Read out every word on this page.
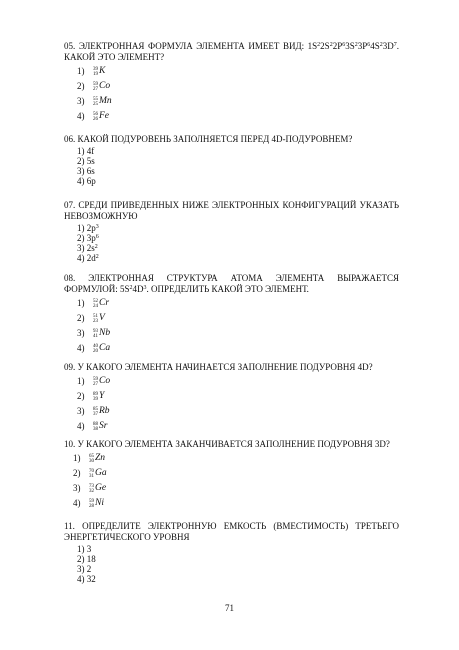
05. ЭЛЕКТРОННАЯ ФОРМУЛА ЭЛЕМЕНТА ИМЕЕТ ВИД: $1S^22S^22P^63S^23P^64S^23D^7$. КАКОЙ ЭТО ЭЛЕМЕНТ?

1)	39
19 K
2)	59
27 Co
3)	55
25 Mn
4)	56
26 Fe

06. КАКОЙ ПОДУРОВЕНЬ ЗАПОЛНЯЕТСЯ ПЕРЕД 4D-ПОДУРОВНЕМ?

1) 4f
2) 5s
3) 6s
4) 6p

07. СРЕДИ ПРИВЕДЕННЫХ НИЖЕ ЭЛЕКТРОННЫХ КОНФИГУРАЦИЙ УКАЗАТЬ НЕВОЗМОЖНУЮ

1) $2p^3$
2) $3p^6$
3) $2s^2$
4) $2d^2$

08. ЭЛЕКТРОННАЯ СТРУКТУРА АТОМА ЭЛЕМЕНТА ВЫРАЖАЕТСЯ ФОРМУЛОЙ: $5S^24D^3$. ОПРЕДЕЛИТЬ КАКОЙ ЭТО ЭЛЕМЕНТ.

1)	52
24 Cr
2)	51
23 V
3)	93
41 Nb
4)	40
20 Ca

09. У КАКОГО ЭЛЕМЕНТА НАЧИНАЕТСЯ ЗАПОЛНЕНИЕ ПОДУРОВНЯ 4D?

1)	59
27 Co
2)	89
39 Y
3)	85
37 Rb
4)	88
38 Sr

10. У КАКОГО ЭЛЕМЕНТА ЗАКАНЧИВАЕТСЯ ЗАПОЛНЕНИЕ ПОДУРОВНЯ 3D?

1)	65
30 Zn
2)	70
31 Ga
3)	73
32 Ge
4)	59
28 Ni

11. ОПРЕДЕЛИТЕ ЭЛЕКТРОННУЮ ЕМКОСТЬ (ВМЕСТИМОСТЬ) ТРЕТЬЕГО ЭНЕРГЕТИЧЕСКОГО УРОВНЯ

1) 3
2) 18
3) 2
4) 32
71
